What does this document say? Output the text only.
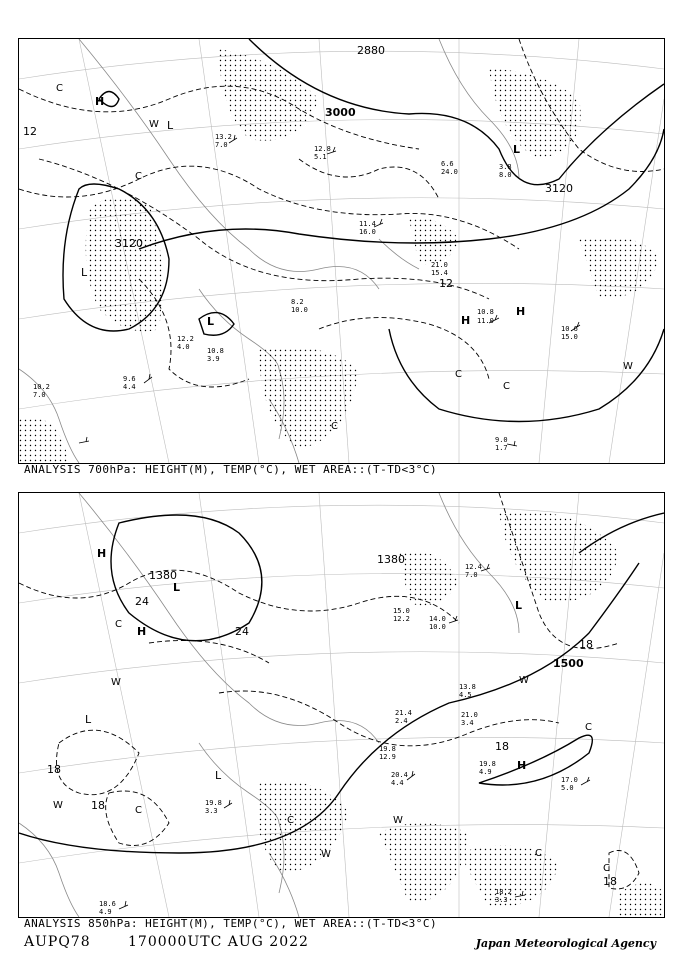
2880
3000
3120
3120
12
12
H
H
H
L
L
L
L
W
W
C
C
C
C
C
10.8
11.0
10.6
15.0
9.0
1.7
12.8
5.1
11.4
16.0
6.6
24.0
3.8
8.0
10.2
7.0
9.6
4.4
12.2
4.0 10.8
3.9
8.2
10.0
21.0
15.4
13.2
7.0
ANALYSIS 700hPa: HEIGHT(M), TEMP(°C), WET AREA::(T-TD<3°C)
1380
1380
1500
24
24
18
18
18
18
18
H
H
H
L
L
L
L
W	W
W
W
W
C
C
C
C
C
C
18.2
3.3
17.0
5.0
19.8
4.9
20.4
4.4
19.8
12.9
14.0
10.0
15.0
12.2
12.4
7.0
21.0
3.4
18.6
4.9
19.8
3.3
21.4
2.4
13.8
4.5
ANALYSIS 850hPa: HEIGHT(M), TEMP(°C), WET AREA::(T-TD<3°C)
AUPQ78	170000UTC AUG 2022	Japan Meteorological Agency
